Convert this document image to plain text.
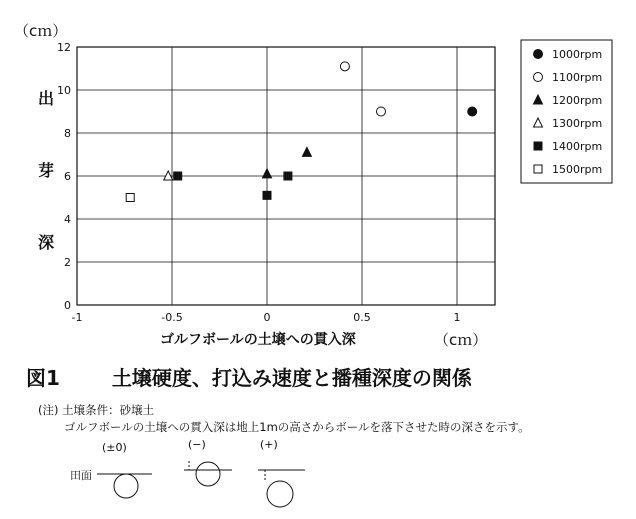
（cｍ）
出
芽
深
0
2
4
6
8
10
12
-1	-0.5	0	0.5	1
ゴルフボールの土壌への貫入深	（cｍ）
1000rpm
1100rpm
1200rpm
1300rpm
1400rpm
1500rpm
(±0)	(−)	(+)
田面
図1	土壌硬度、打込み速度と播種深度の関係
(注) 土壌条件：砂壌土
ゴルフボールの土壌への貫入深は地上1mの高さからボールを落下させた時の深さを示す。
